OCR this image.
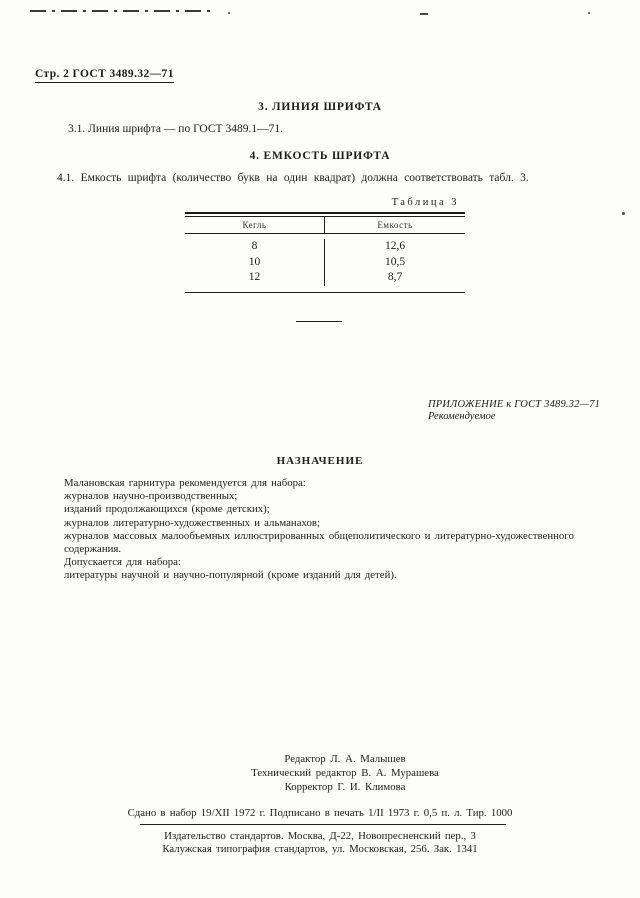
Стр. 2 ГОСТ 3489.32—71
3. ЛИНИЯ ШРИФТА
3.1. Линия шрифта — по ГОСТ 3489.1—71.
4. ЕМКОСТЬ ШРИФТА
4.1. Емкость шрифта (количество букв на один квадрат) должна соответствовать табл. 3.
Таблица 3
Кегль	Емкость
8	12,6
10	10,5
12	8,7
ПРИЛОЖЕНИЕ к ГОСТ 3489.32—71
Рекомендуемое
НАЗНАЧЕНИЕ
Малановская гарнитура рекомендуется для набора:
журналов научно-производственных;
изданий продолжающихся (кроме детских);
журналов литературно-художественных и альманахов;
журналов массовых малообъемных иллюстрированных общеполитического и литературно-художественного содержания.
Допускается для набора:
литературы научной и научно-популярной (кроме изданий для детей).
Редактор Л. А. Малышев
Технический редактор В. А. Мурашева
Корректор Г. И. Климова
Сдано в набор 19/XII 1972 г. Подписано в печать 1/II 1973 г. 0,5 п. л. Тир. 1000
Издательство стандартов. Москва, Д-22, Новопресненский пер., 3
Калужская типография стандартов, ул. Московская, 256. Зак. 1341
